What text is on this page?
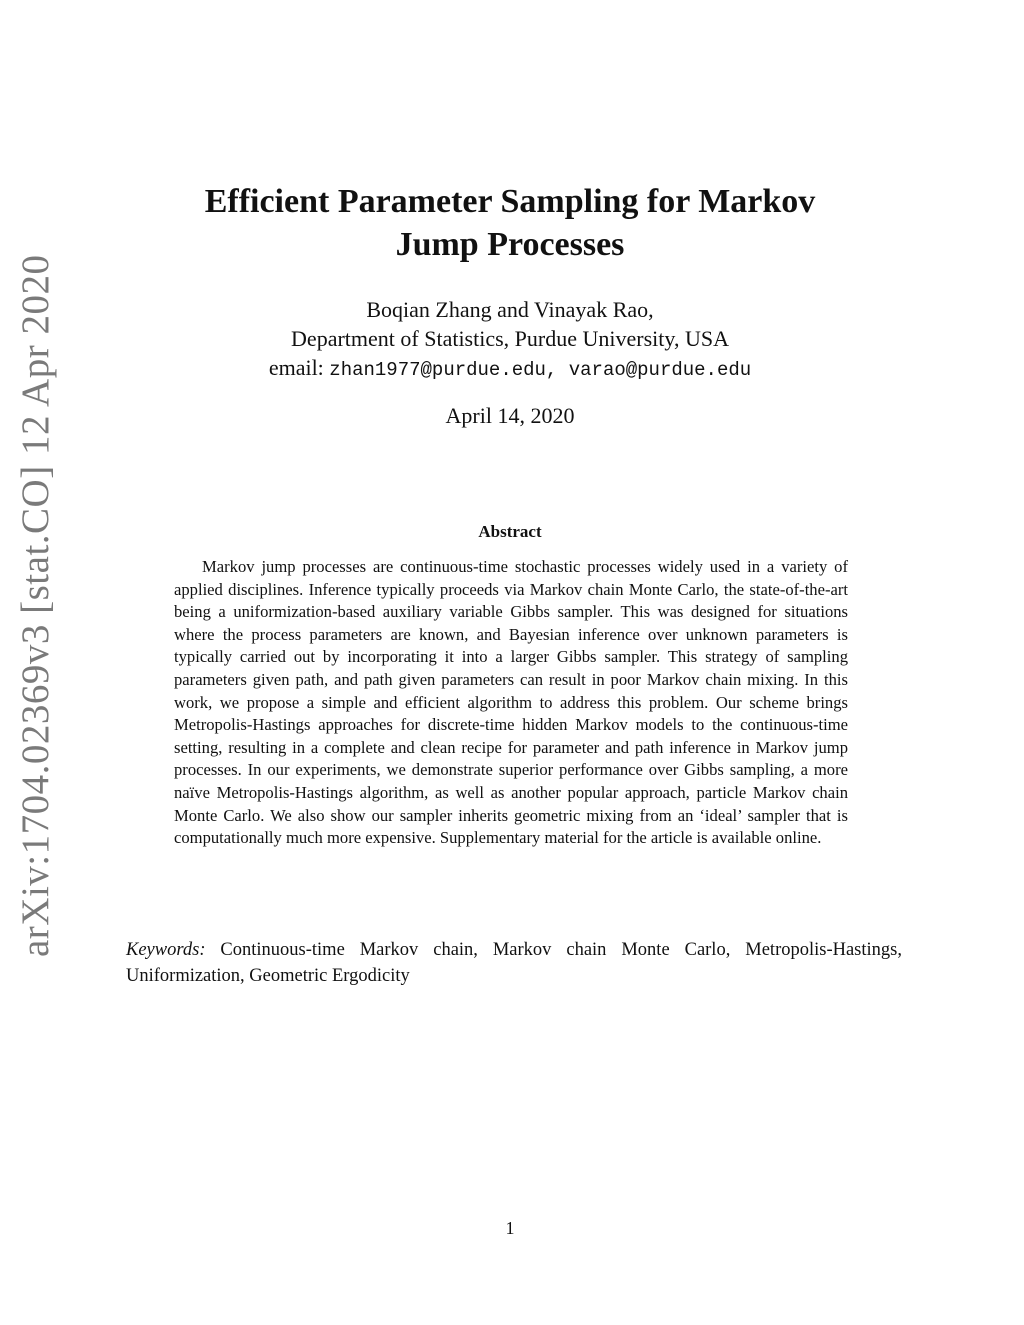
arXiv:1704.02369v3 [stat.CO] 12 Apr 2020
Efficient Parameter Sampling for Markov
Jump Processes
Boqian Zhang and Vinayak Rao,
Department of Statistics, Purdue University, USA
email: zhan1977@purdue.edu, varao@purdue.edu
April 14, 2020
Abstract

Markov jump processes are continuous-time stochastic processes widely used in a variety of applied disciplines. Inference typically proceeds via Markov chain Monte Carlo, the state-of-the-art being a uniformization-based auxiliary variable Gibbs sampler. This was designed for situations where the process parameters are known, and Bayesian inference over unknown parameters is typically carried out by incorporating it into a larger Gibbs sampler. This strategy of sampling parameters given path, and path given parameters can result in poor Markov chain mixing. In this work, we propose a simple and efficient algorithm to address this problem. Our scheme brings Metropolis-Hastings approaches for discrete-time hidden Markov models to the continuous-time setting, resulting in a complete and clean recipe for parameter and path inference in Markov jump processes. In our experiments, we demonstrate superior performance over Gibbs sampling, a more naïve Metropolis-Hastings algorithm, as well as another popular approach, particle Markov chain Monte Carlo. We also show our sampler inherits geometric mixing from an ‘ideal’ sampler that is computationally much more expensive. Supplementary material for the article is available online.

Keywords: Continuous-time Markov chain, Markov chain Monte Carlo, Metropolis-Hastings, Uniformization, Geometric Ergodicity

1
